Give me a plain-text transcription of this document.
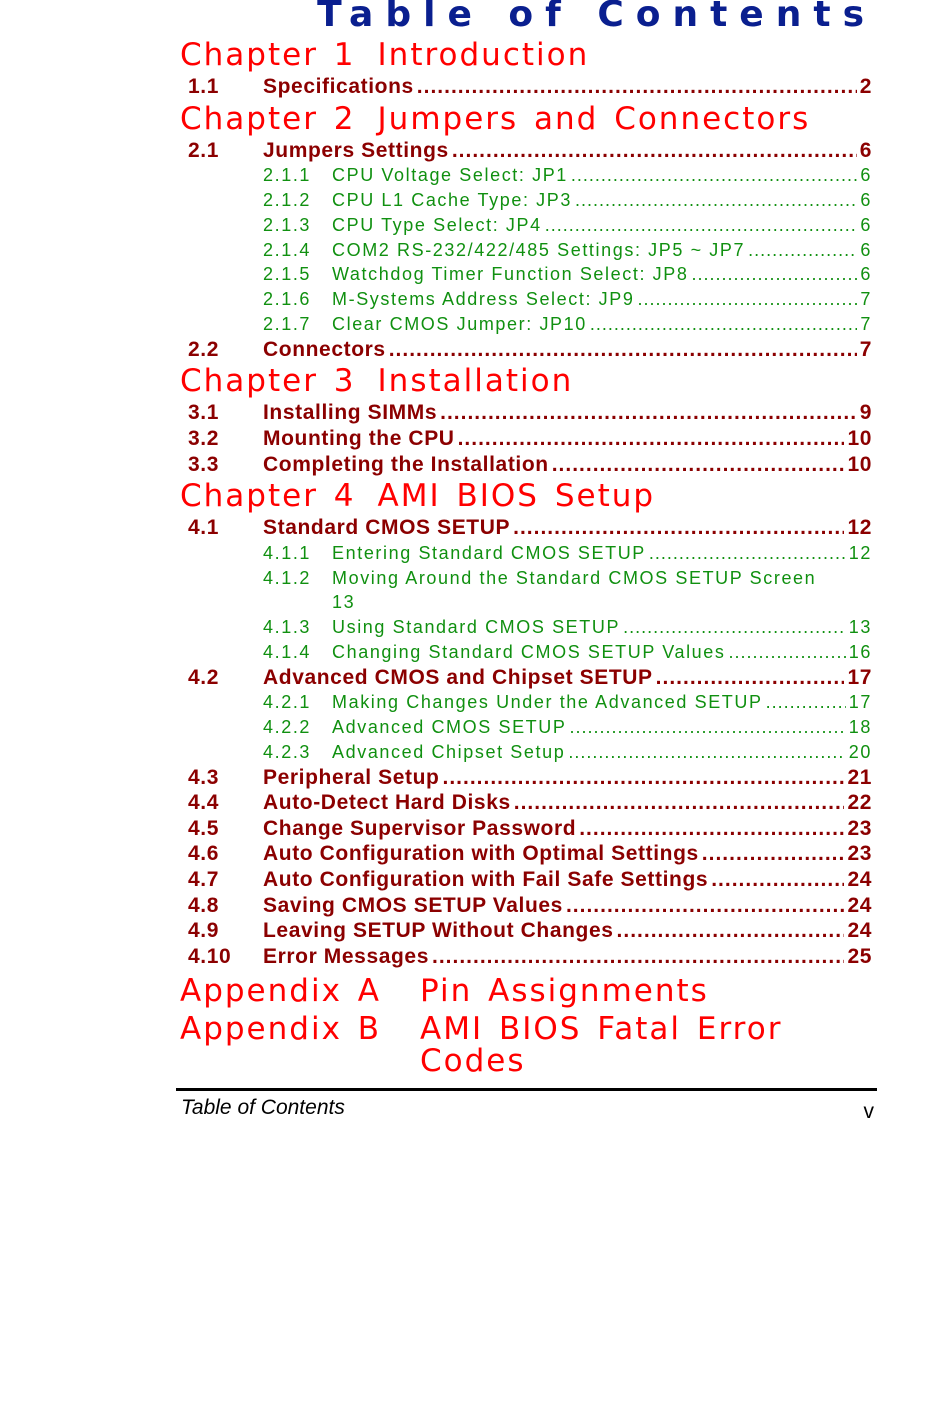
Table of Contents
Chapter 1 Introduction
1.1	Specifications .....	2
Chapter 2 Jumpers and Connectors
2.1	Jumpers Settings .....	6
2.1.1	CPU Voltage Select: JP1 .....	6
2.1.2	CPU L1 Cache Type: JP3 .....	6
2.1.3	CPU Type Select: JP4 .....	6
2.1.4	COM2 RS-232/422/485 Settings: JP5 ~ JP7 .....	6
2.1.5	Watchdog Timer Function Select: JP8 .....	6
2.1.6	M-Systems Address Select: JP9 .....	7
2.1.7	Clear CMOS Jumper: JP10 .....	7
2.2	Connectors .....	7
Chapter 3 Installation
3.1	Installing SIMMs .....	9
3.2	Mounting the CPU .....	10
3.3	Completing the Installation .....	10
Chapter 4 AMI BIOS Setup
4.1	Standard CMOS SETUP .....	12
4.1.1	Entering Standard CMOS SETUP .....	12
4.1.2	Moving Around the Standard CMOS SETUP Screen
13
4.1.3	Using Standard CMOS SETUP .....	13
4.1.4	Changing Standard CMOS SETUP Values .....	16
4.2	Advanced CMOS and Chipset SETUP .....	17
4.2.1	Making Changes Under the Advanced SETUP .....	17
4.2.2	Advanced CMOS SETUP .....	18
4.2.3	Advanced Chipset Setup .....	20
4.3	Peripheral Setup .....	21
4.4	Auto-Detect Hard Disks .....	22
4.5	Change Supervisor Password .....	23
4.6	Auto Configuration with Optimal Settings .....	23
4.7	Auto Configuration with Fail Safe Settings .....	24
4.8	Saving CMOS SETUP Values .....	24
4.9	Leaving SETUP Without Changes .....	24
4.10	Error Messages .....	25
Appendix A	Pin Assignments
Appendix B	AMI BIOS Fatal Error Codes
Table of Contents	v
